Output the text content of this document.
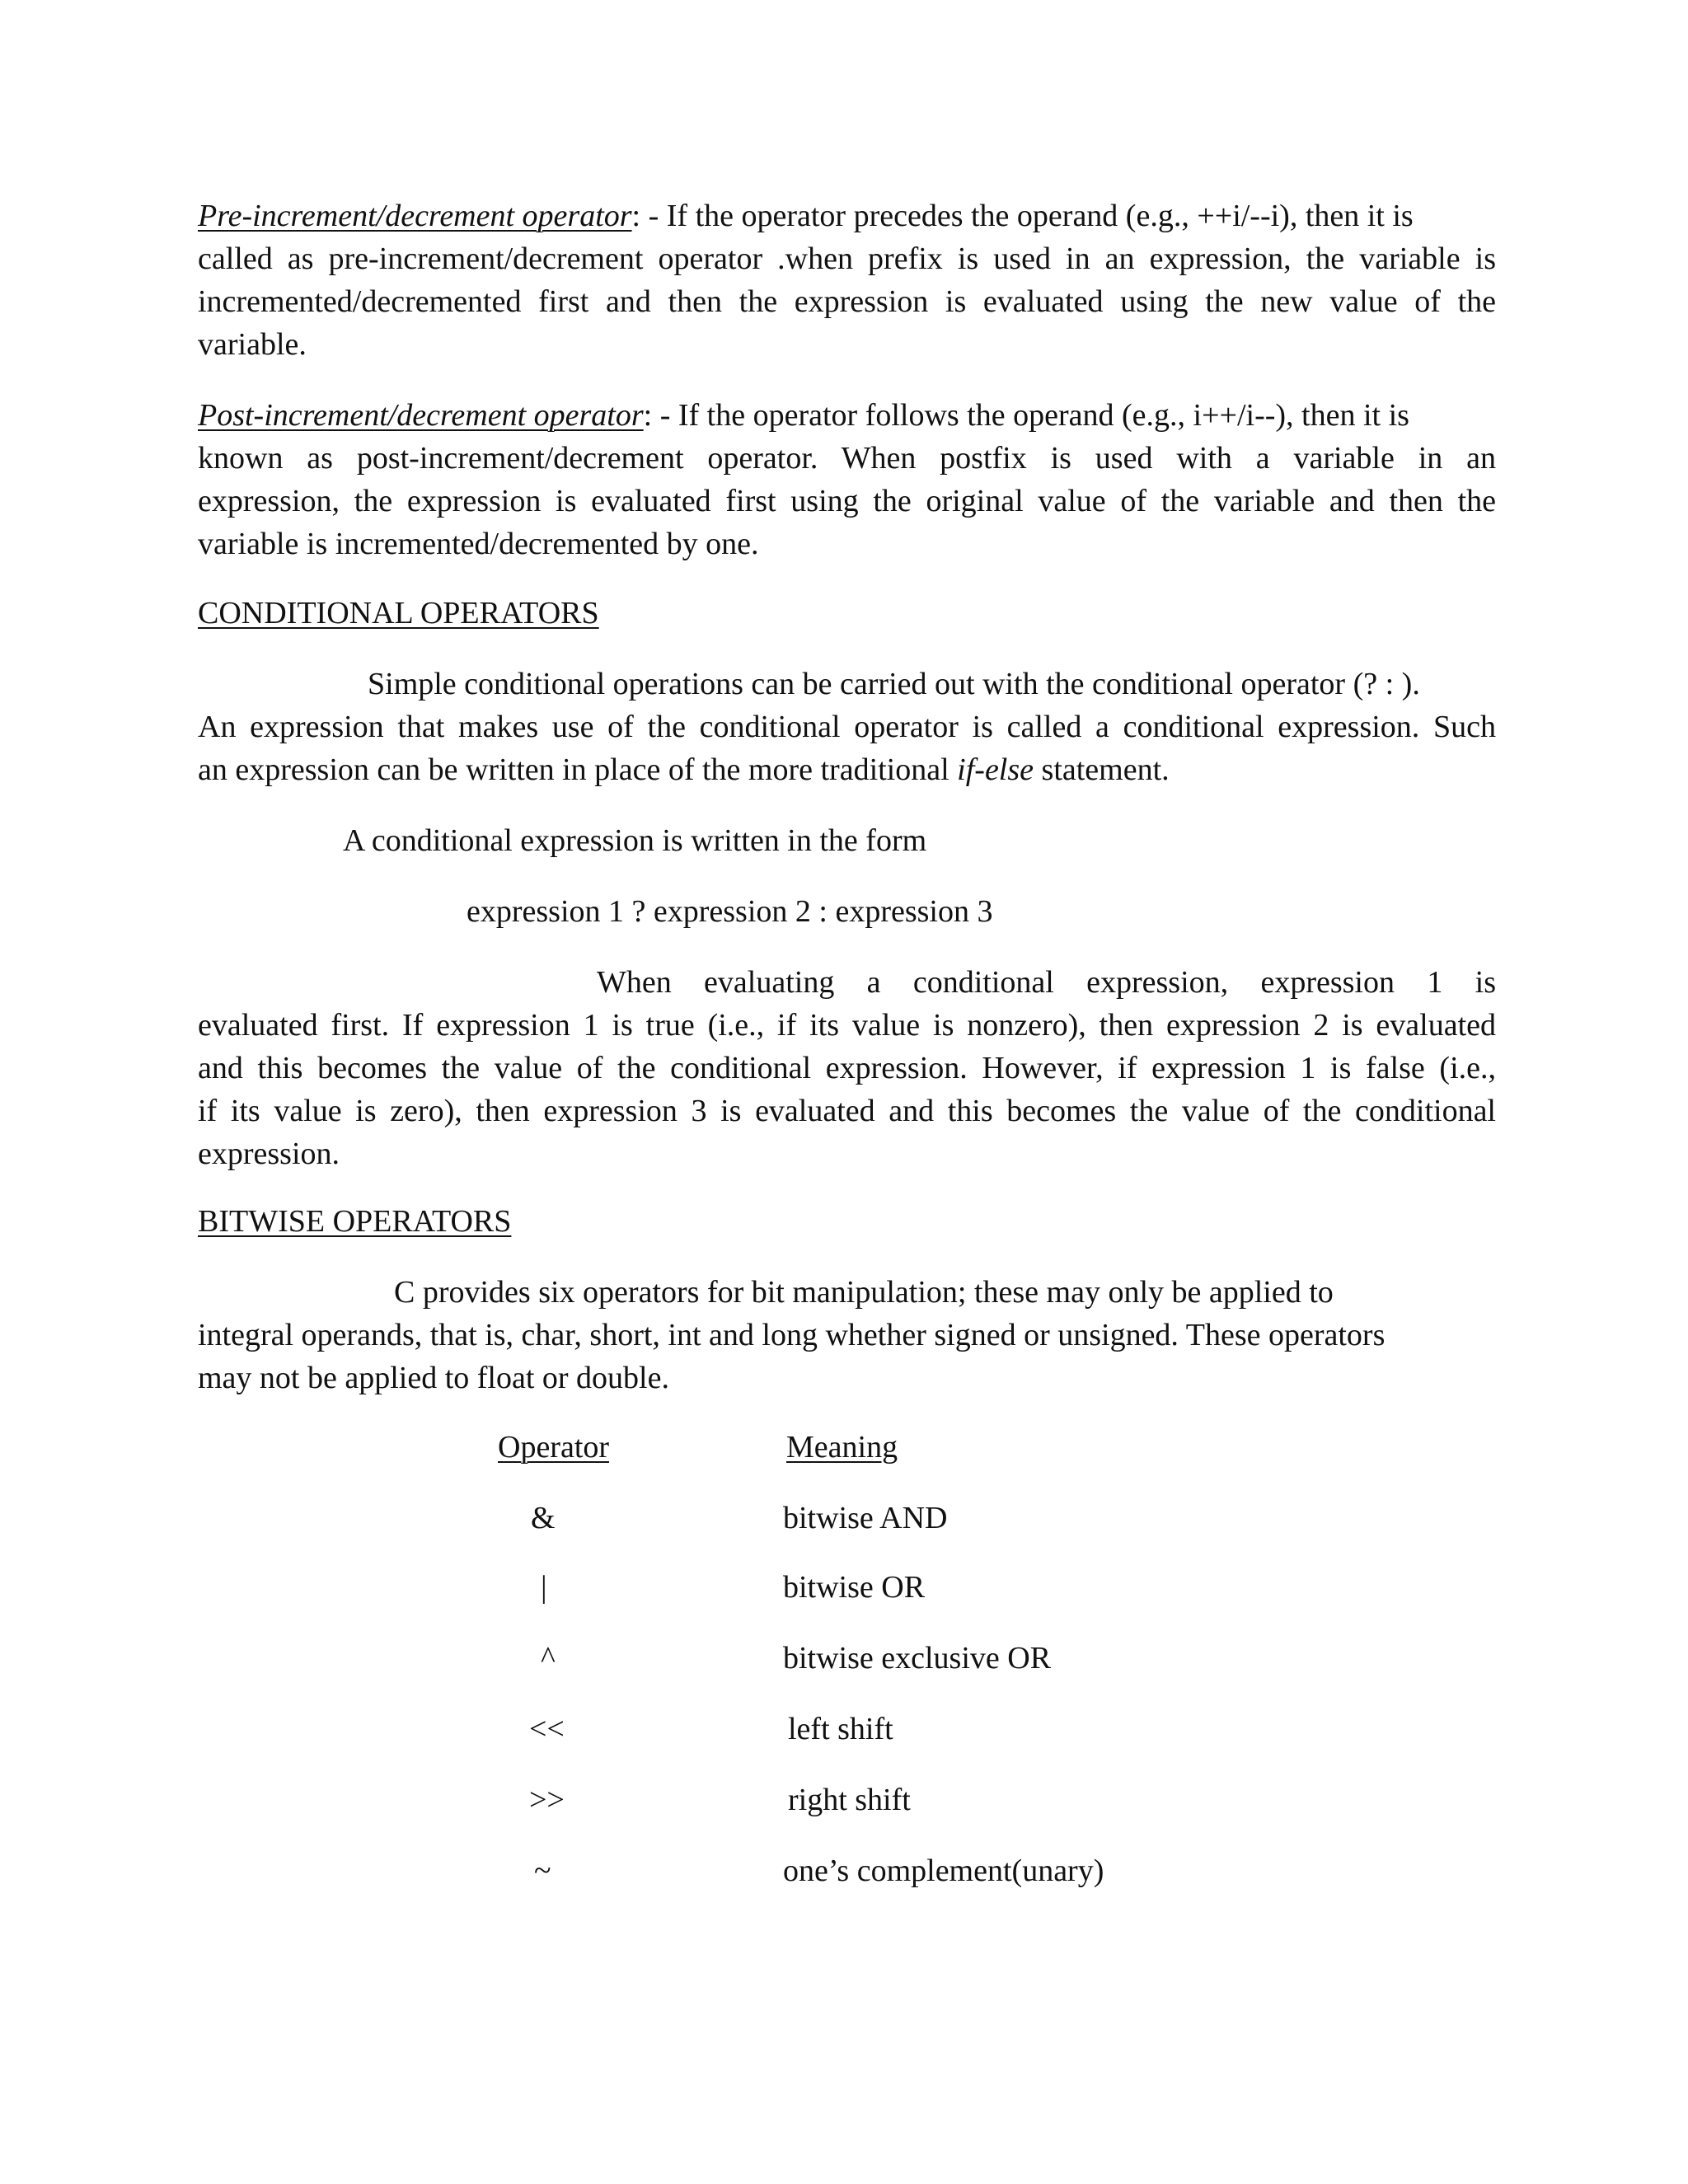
Pre-increment/decrement operator: - If the operator precedes the operand (e.g., ++i/--i), then it is
called as pre-increment/decrement operator .when prefix is used in an expression, the variable is
incremented/decremented first and then the expression is evaluated using the new value of the
variable.
Post-increment/decrement operator: - If the operator follows the operand (e.g., i++/i--), then it is
known as post-increment/decrement operator. When postfix is used with a variable in an
expression, the expression is evaluated first using the original value of the variable and then the
variable is incremented/decremented by one.
CONDITIONAL OPERATORS
Simple conditional operations can be carried out with the conditional operator (? : ).
An expression that makes use of the conditional operator is called a conditional expression. Such
an expression can be written in place of the more traditional if-else statement.
A conditional expression is written in the form
expression 1 ? expression 2 : expression 3
When evaluating a conditional expression, expression 1 is
evaluated first. If expression 1 is true (i.e., if its value is nonzero), then expression 2 is evaluated
and this becomes the value of the conditional expression. However, if expression 1 is false (i.e.,
if its value is zero), then expression 3 is evaluated and this becomes the value of the conditional
expression.
BITWISE OPERATORS
C provides six operators for bit manipulation; these may only be applied to
integral operands, that is, char, short, int and long whether signed or unsigned. These operators
may not be applied to float or double.
Operator	Meaning
&	bitwise AND
|	bitwise OR
^	bitwise exclusive OR
<<	left shift
>>	right shift
~	one’s complement(unary)
